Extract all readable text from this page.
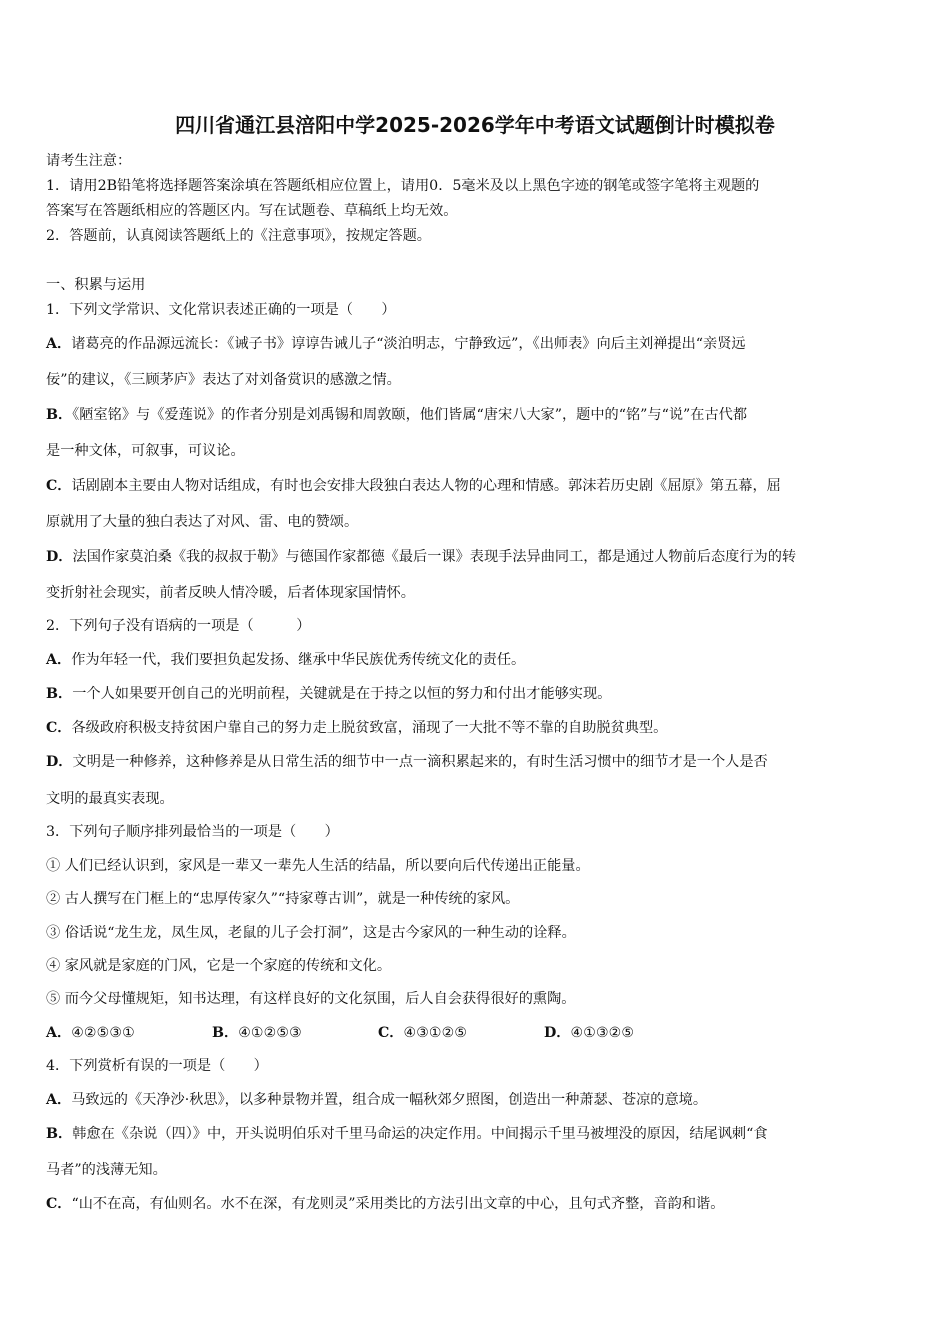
四川省通江县涪阳中学2025-2026学年中考语文试题倒计时模拟卷
请考生注意：
1．请用2B铅笔将选择题答案涂填在答题纸相应位置上，请用0．5毫米及以上黑色字迹的钢笔或签字笔将主观题的
答案写在答题纸相应的答题区内。写在试题卷、草稿纸上均无效。
2．答题前，认真阅读答题纸上的《注意事项》，按规定答题。
一、积累与运用
1．下列文学常识、文化常识表述正确的一项是（　　）
A．诸葛亮的作品源远流长：《诫子书》谆谆告诫儿子“淡泊明志，宁静致远”，《出师表》向后主刘禅提出“亲贤远
佞”的建议，《三顾茅庐》表达了对刘备赏识的感激之情。
B．《陋室铭》与《爱莲说》的作者分别是刘禹锡和周敦颐，他们皆属“唐宋八大家”，题中的“铭”与“说”在古代都
是一种文体，可叙事，可议论。
C．话剧剧本主要由人物对话组成，有时也会安排大段独白表达人物的心理和情感。郭沫若历史剧《屈原》第五幕，屈
原就用了大量的独白表达了对风、雷、电的赞颂。
D．法国作家莫泊桑《我的叔叔于勒》与德国作家都德《最后一课》表现手法异曲同工，都是通过人物前后态度行为的转
变折射社会现实，前者反映人情冷暖，后者体现家国情怀。
2．下列句子没有语病的一项是（　　　）
A．作为年轻一代，我们要担负起发扬、继承中华民族优秀传统文化的责任。
B．一个人如果要开创自己的光明前程，关键就是在于持之以恒的努力和付出才能够实现。
C．各级政府积极支持贫困户靠自己的努力走上脱贫致富，涌现了一大批不等不靠的自助脱贫典型。
D．文明是一种修养，这种修养是从日常生活的细节中一点一滴积累起来的，有时生活习惯中的细节才是一个人是否
文明的最真实表现。
3．下列句子顺序排列最恰当的一项是（　　）
① 人们已经认识到，家风是一辈又一辈先人生活的结晶，所以要向后代传递出正能量。
② 古人撰写在门框上的“忠厚传家久”“持家尊古训”，就是一种传统的家风。
③ 俗话说“龙生龙，凤生凤，老鼠的儿子会打洞”，这是古今家风的一种生动的诠释。
④ 家风就是家庭的门风，它是一个家庭的传统和文化。
⑤ 而今父母懂规矩，知书达理，有这样良好的文化氛围，后人自会获得很好的熏陶。
A．④②⑤③①	B．④①②⑤③	C．④③①②⑤	D．④①③②⑤
4．下列赏析有误的一项是（　　）
A．马致远的《天净沙·秋思》，以多种景物并置，组合成一幅秋郊夕照图，创造出一种萧瑟、苍凉的意境。
B．韩愈在《杂说（四）》中，开头说明伯乐对千里马命运的决定作用。中间揭示千里马被埋没的原因，结尾讽刺“食
马者”的浅薄无知。
C．“山不在高，有仙则名。水不在深，有龙则灵”采用类比的方法引出文章的中心，且句式齐整，音韵和谐。
